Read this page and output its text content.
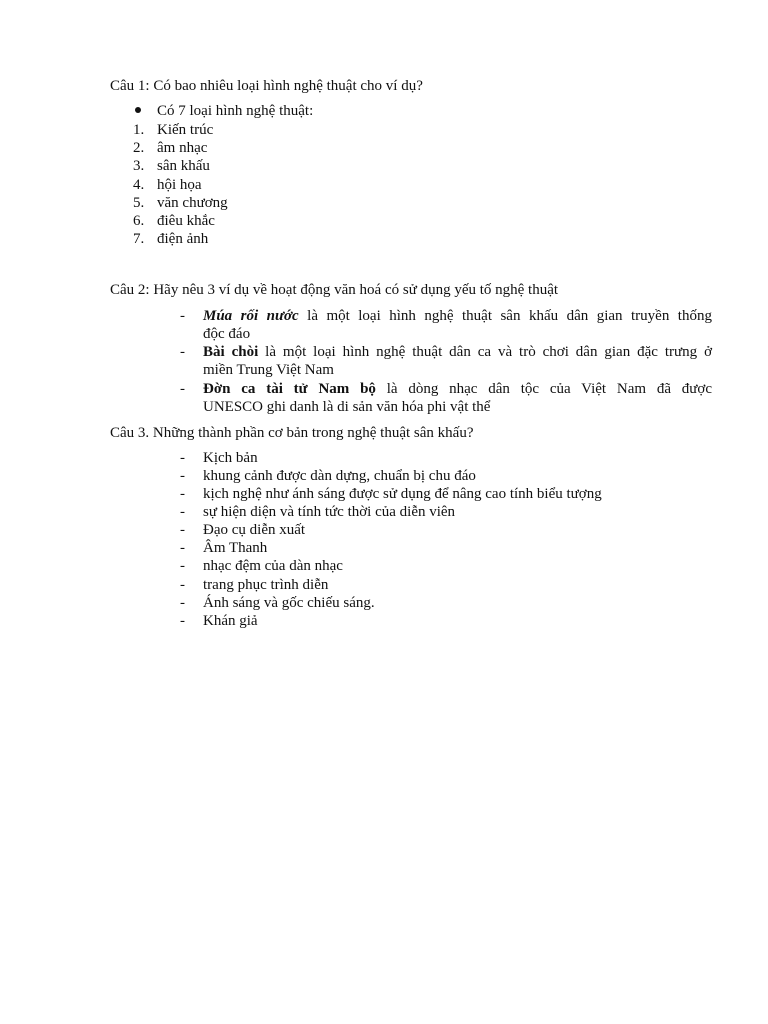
Câu 1: Có bao nhiêu loại hình nghệ thuật cho ví dụ?
Có 7 loại hình nghệ thuật:
1. Kiến trúc
2. âm nhạc
3. sân khấu
4. hội họa
5. văn chương
6. điêu khắc
7. điện ảnh
Câu 2: Hãy nêu 3 ví dụ về hoạt động văn hoá có sử dụng yếu tố nghệ thuật
- Múa rối nước là một loại hình nghệ thuật sân khấu dân gian truyền thống
độc đáo
- Bài chòi là một loại hình nghệ thuật dân ca và trò chơi dân gian đặc trưng ở
miền Trung Việt Nam
- Đờn ca tài tử Nam bộ là dòng nhạc dân tộc của Việt Nam đã được
UNESCO ghi danh là di sản văn hóa phi vật thể
Câu 3. Những thành phần cơ bản trong nghệ thuật sân khấu?
- Kịch bản
- khung cảnh được dàn dựng, chuẩn bị chu đáo
- kịch nghệ như ánh sáng được sử dụng để nâng cao tính biểu tượng
- sự hiện diện và tính tức thời của diễn viên
- Đạo cụ diễn xuất
- Âm Thanh
- nhạc đệm của dàn nhạc
- trang phục trình diễn
- Ánh sáng và gốc chiếu sáng.
- Khán giả
